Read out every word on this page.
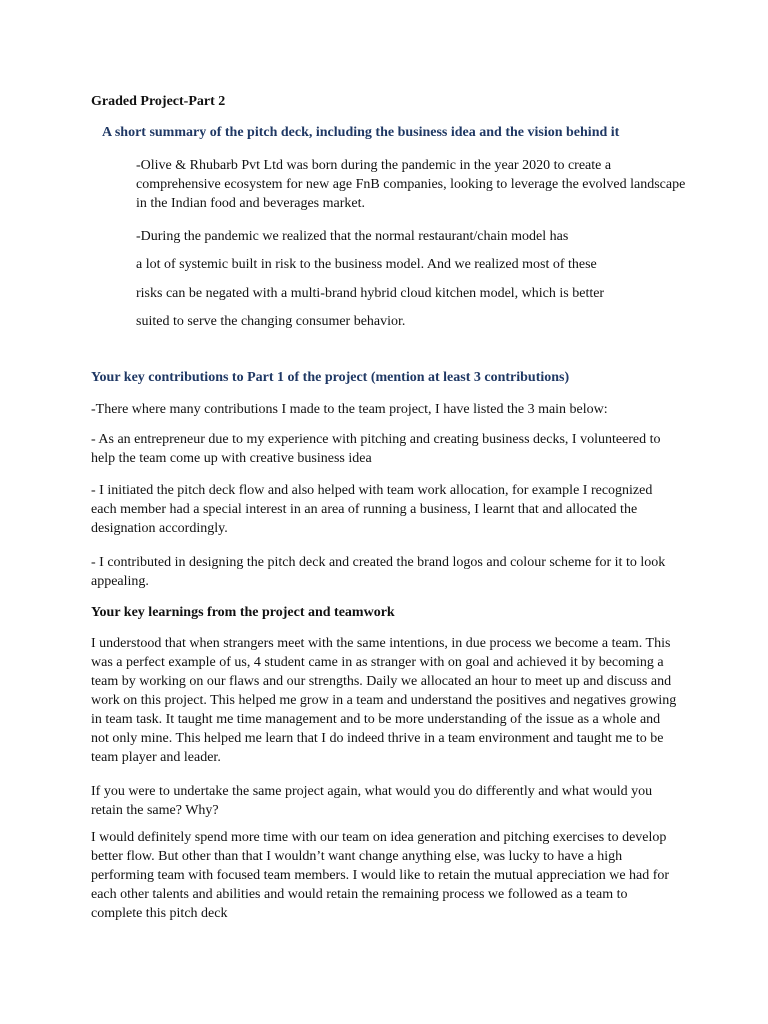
Graded Project-Part 2
A short summary of the pitch deck, including the business idea and the vision behind it
-Olive & Rhubarb Pvt Ltd was born during the pandemic in the year 2020 to create a comprehensive ecosystem for new age FnB companies, looking to leverage the evolved landscape in the Indian food and beverages market.
-During the pandemic we realized that the normal restaurant/chain model has
a lot of systemic built in risk to the business model. And we realized most of these
risks can be negated with a multi-brand hybrid cloud kitchen model, which is better
suited to serve the changing consumer behavior.
Your key contributions to Part 1 of the project (mention at least 3 contributions)
-There where many contributions I made to the team project, I have listed the 3 main below:
- As an entrepreneur due to my experience with pitching and creating business decks, I volunteered to help the team come up with creative business idea
- I initiated the pitch deck flow and also helped with team work allocation, for example I recognized each member had a special interest in an area of running a business, I learnt that and allocated the designation accordingly.
- I contributed in designing the pitch deck and created the brand logos and colour scheme for it to look appealing.
Your key learnings from the project and teamwork
I understood that when strangers meet with the same intentions, in due process we become a team. This was a perfect example of us, 4 student came in as stranger with on goal and achieved it by becoming a team by working on our flaws and our strengths. Daily we allocated an hour to meet up and discuss and work on this project. This helped me grow in a team and understand the positives and negatives growing in team task. It taught me time management and to be more understanding of the issue as a whole and not only mine. This helped me learn that I do indeed thrive in a team environment and taught me to be team player and leader.
If you were to undertake the same project again, what would you do differently and what would you retain the same? Why?
I would definitely spend more time with our team on idea generation and pitching exercises to develop better flow. But other than that I wouldn’t want change anything else, was lucky to have a high performing team with focused team members. I would like to retain the mutual appreciation we had for each other talents and abilities and would retain the remaining process we followed as a team to complete this pitch deck
